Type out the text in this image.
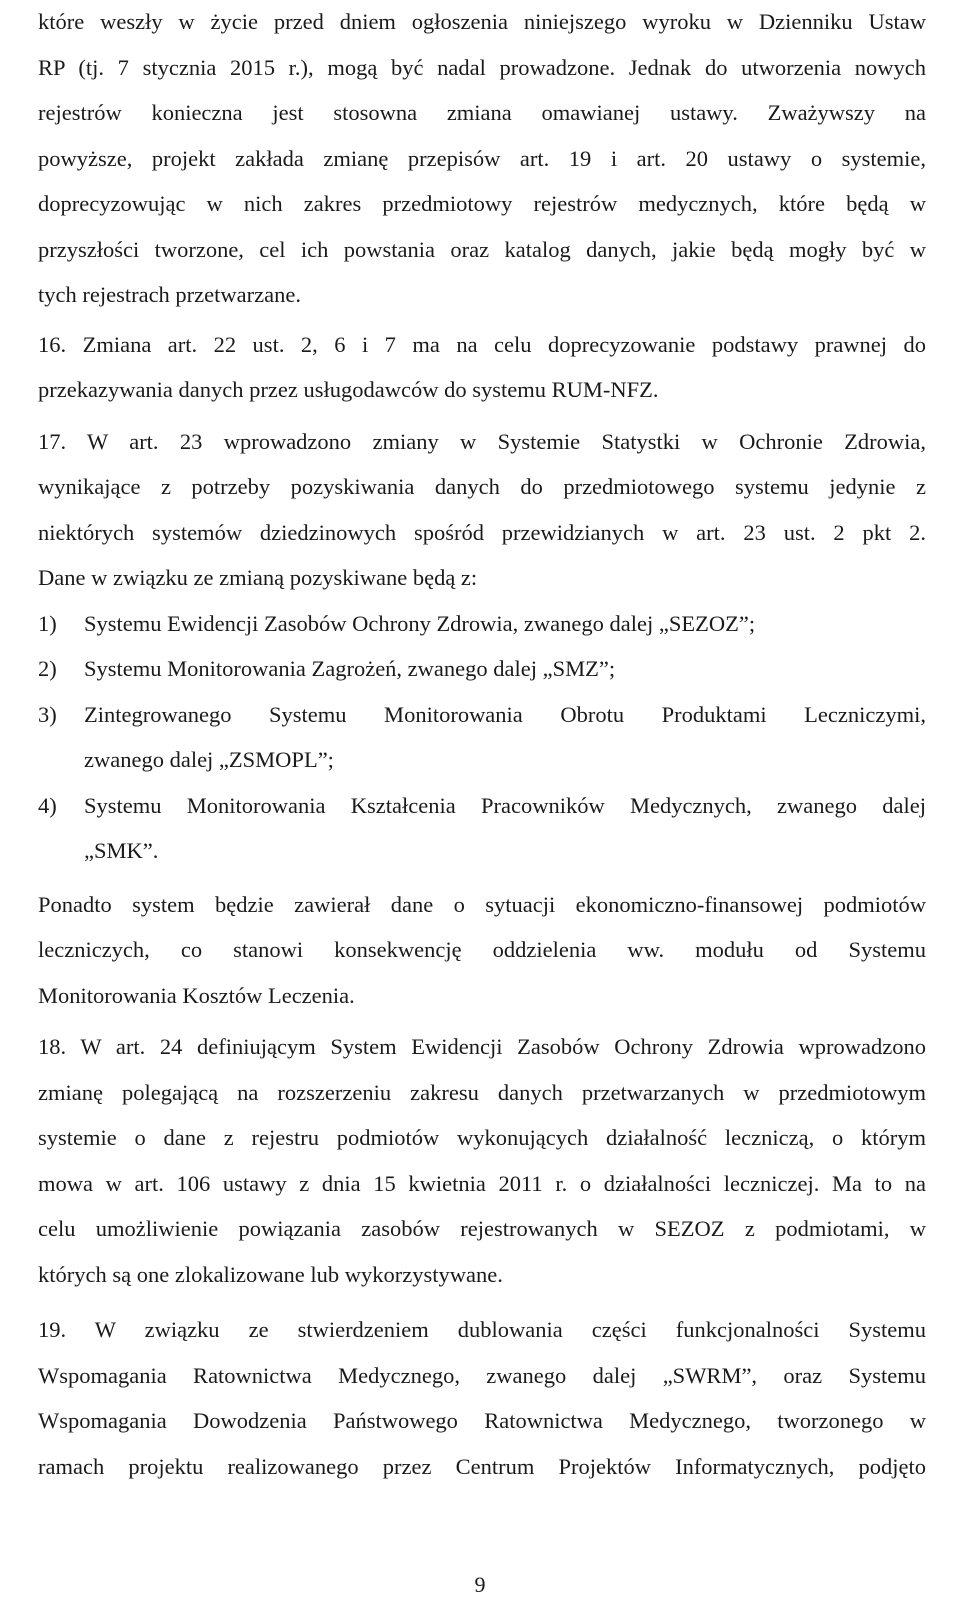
które weszły w życie przed dniem ogłoszenia niniejszego wyroku w Dzienniku Ustaw
RP (tj. 7 stycznia 2015 r.), mogą być nadal prowadzone. Jednak do utworzenia nowych
rejestrów konieczna jest stosowna zmiana omawianej ustawy. Zważywszy na
powyższe, projekt zakłada zmianę przepisów art. 19 i art. 20 ustawy o systemie,
doprecyzowując w nich zakres przedmiotowy rejestrów medycznych, które będą w
przyszłości tworzone, cel ich powstania oraz katalog danych, jakie będą mogły być w
tych rejestrach przetwarzane.
16. Zmiana art. 22 ust. 2, 6 i 7 ma na celu doprecyzowanie podstawy prawnej do
przekazywania danych przez usługodawców do systemu RUM-NFZ.
17. W art. 23 wprowadzono zmiany w Systemie Statystki w Ochronie Zdrowia,
wynikające z potrzeby pozyskiwania danych do przedmiotowego systemu jedynie z
niektórych systemów dziedzinowych spośród przewidzianych w art. 23 ust. 2 pkt 2.
Dane w związku ze zmianą pozyskiwane będą z:
1)	Systemu Ewidencji Zasobów Ochrony Zdrowia, zwanego dalej „SEZOZ”;
2)	Systemu Monitorowania Zagrożeń, zwanego dalej „SMZ”;
3)	Zintegrowanego Systemu Monitorowania Obrotu Produktami Leczniczymi,
zwanego dalej „ZSMOPL”;
4)	Systemu Monitorowania Kształcenia Pracowników Medycznych, zwanego dalej
„SMK”.
Ponadto system będzie zawierał dane o sytuacji ekonomiczno-finansowej podmiotów
leczniczych, co stanowi konsekwencję oddzielenia ww. modułu od Systemu
Monitorowania Kosztów Leczenia.
18. W art. 24 definiującym System Ewidencji Zasobów Ochrony Zdrowia wprowadzono
zmianę polegającą na rozszerzeniu zakresu danych przetwarzanych w przedmiotowym
systemie o dane z rejestru podmiotów wykonujących działalność leczniczą, o którym
mowa w art. 106 ustawy z dnia 15 kwietnia 2011 r. o działalności leczniczej. Ma to na
celu umożliwienie powiązania zasobów rejestrowanych w SEZOZ z podmiotami, w
których są one zlokalizowane lub wykorzystywane.
19. W związku ze stwierdzeniem dublowania części funkcjonalności Systemu
Wspomagania Ratownictwa Medycznego, zwanego dalej „SWRM”, oraz Systemu
Wspomagania Dowodzenia Państwowego Ratownictwa Medycznego, tworzonego w
ramach projektu realizowanego przez Centrum Projektów Informatycznych, podjęto
9
